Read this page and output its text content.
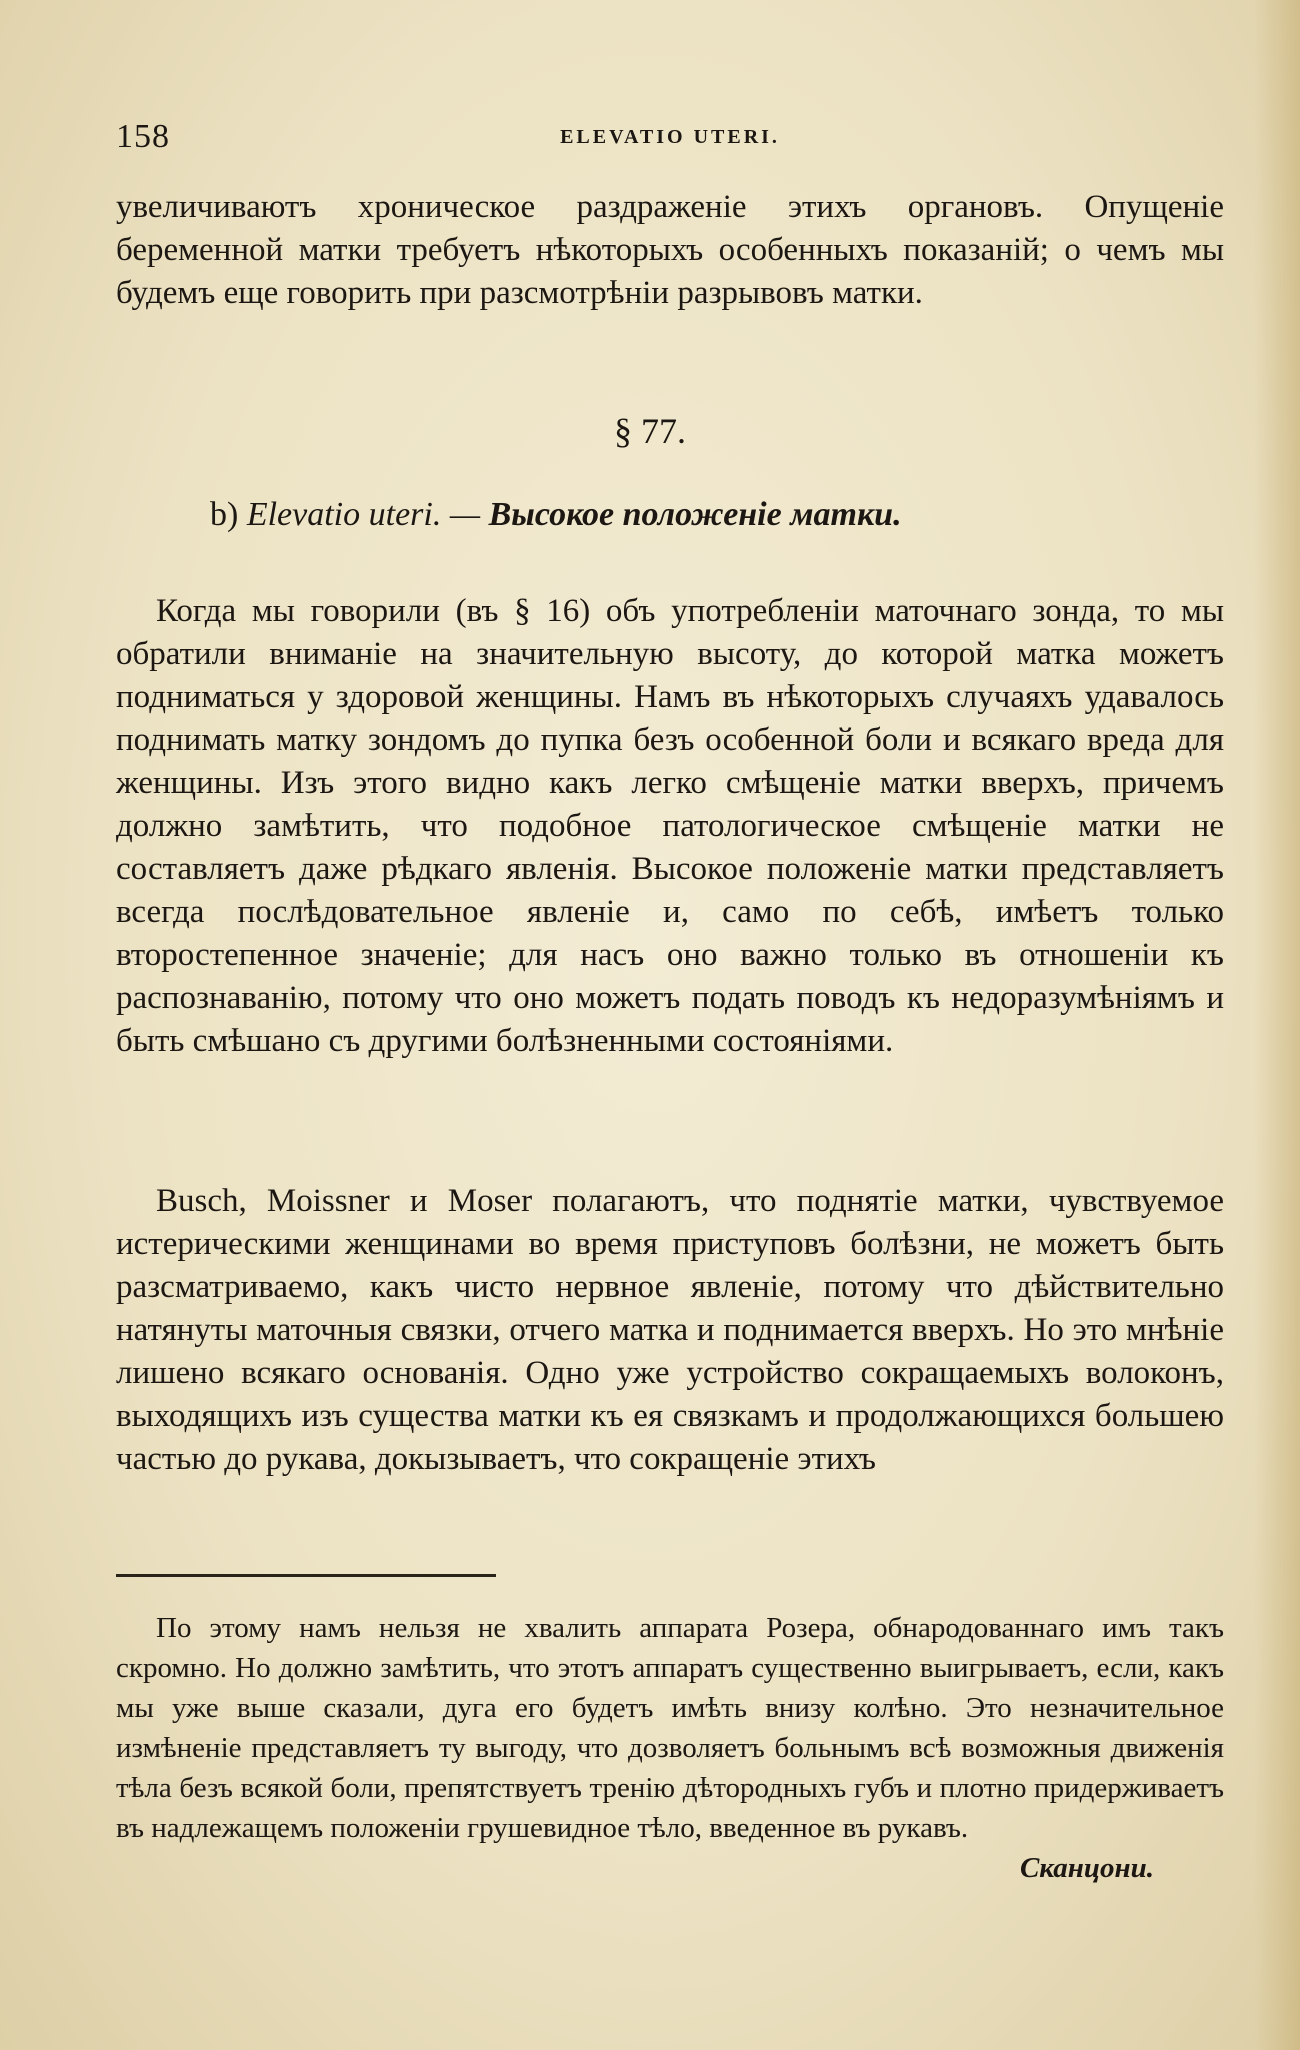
158	ELEVATIO UTERI.

увеличиваютъ хроническое раздраженіе этихъ органовъ. Опущеніе беременной матки требуетъ нѣкоторыхъ особенныхъ показаній; о чемъ мы будемъ еще говорить при разсмотрѣніи разрывовъ матки.

§ 77.
b) Elevatio uteri. — Высокое положеніе матки.

Когда мы говорили (въ § 16) объ употребленіи маточнаго зонда, то мы обратили вниманіе на значительную высоту, до которой матка можетъ подниматься у здоровой женщины. Намъ въ нѣкоторыхъ случаяхъ удавалось поднимать матку зондомъ до пупка безъ особенной боли и всякаго вреда для женщины. Изъ этого видно какъ легко смѣщеніе матки вверхъ, причемъ должно замѣтить, что подобное патологическое смѣщеніе матки не составляетъ даже рѣдкаго явленія. Высокое положеніе матки представляетъ всегда послѣдовательное явленіе и, само по себѣ, имѣетъ только второстепенное значеніе; для насъ оно важно только въ отношеніи къ распознаванію, потому что оно можетъ подать поводъ къ недоразумѣніямъ и быть смѣшано съ другими болѣзненными состояніями.

Busch, Moissner и Moser полагаютъ, что поднятіе матки, чувствуемое истерическими женщинами во время приступовъ болѣзни, не можетъ быть разсматриваемо, какъ чисто нервное явленіе, потому что дѣйствительно натянуты маточныя связки, отчего матка и поднимается вверхъ. Но это мнѣніе лишено всякаго основанія. Одно уже устройство сокращаемыхъ волоконъ, выходящихъ изъ существа матки къ ея связкамъ и продолжающихся большею частью до рукава, докызываетъ, что сокращеніе этихъ

По этому намъ нельзя не хвалить аппарата Розера, обнародованнаго имъ такъ скромно. Но должно замѣтить, что этотъ аппаратъ существенно выигрываетъ, если, какъ мы уже выше сказали, дуга его будетъ имѣть внизу колѣно. Это незначительное измѣненіе представляетъ ту выгоду, что дозволяетъ больнымъ всѣ возможныя движенія тѣла безъ всякой боли, препятствуетъ тренію дѣтородныхъ губъ и плотно придерживаетъ въ надлежащемъ положеніи грушевидное тѣло, введенное въ рукавъ.

Сканцони.
